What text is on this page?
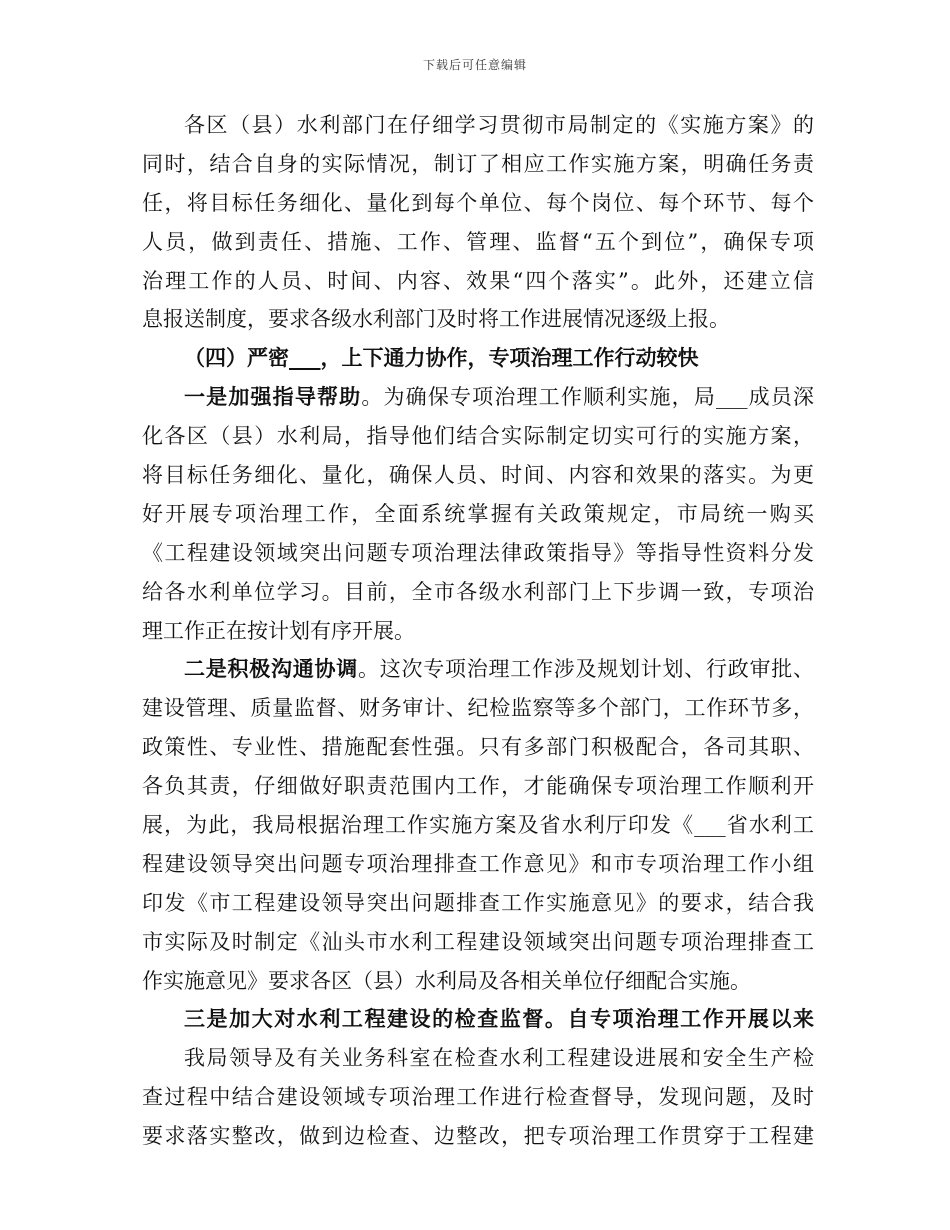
下载后可任意编辑
各区（县）水利部门在仔细学习贯彻市局制定的《实施方案》的
同时，结合自身的实际情况，制订了相应工作实施方案，明确任务责
任，将目标任务细化、量化到每个单位、每个岗位、每个环节、每个
人员，做到责任、措施、工作、管理、监督“五个到位”，确保专项
治理工作的人员、时间、内容、效果“四个落实”。此外，还建立信
息报送制度，要求各级水利部门及时将工作进展情况逐级上报。
（四）严密___，上下通力协作，专项治理工作行动较快
一是加强指导帮助。为确保专项治理工作顺利实施，局___成员深
化各区（县）水利局，指导他们结合实际制定切实可行的实施方案，
将目标任务细化、量化，确保人员、时间、内容和效果的落实。为更
好开展专项治理工作，全面系统掌握有关政策规定，市局统一购买
《工程建设领域突出问题专项治理法律政策指导》等指导性资料分发
给各水利单位学习。目前，全市各级水利部门上下步调一致，专项治
理工作正在按计划有序开展。
二是积极沟通协调。这次专项治理工作涉及规划计划、行政审批、
建设管理、质量监督、财务审计、纪检监察等多个部门，工作环节多，
政策性、专业性、措施配套性强。只有多部门积极配合，各司其职、
各负其责，仔细做好职责范围内工作，才能确保专项治理工作顺利开
展，为此，我局根据治理工作实施方案及省水利厅印发《___省水利工
程建设领导突出问题专项治理排查工作意见》和市专项治理工作小组
印发《市工程建设领导突出问题排查工作实施意见》的要求，结合我
市实际及时制定《汕头市水利工程建设领域突出问题专项治理排查工
作实施意见》要求各区（县）水利局及各相关单位仔细配合实施。
三是加大对水利工程建设的检查监督。自专项治理工作开展以来
我局领导及有关业务科室在检查水利工程建设进展和安全生产检
查过程中结合建设领域专项治理工作进行检查督导，发现问题，及时
要求落实整改，做到边检查、边整改，把专项治理工作贯穿于工程建
